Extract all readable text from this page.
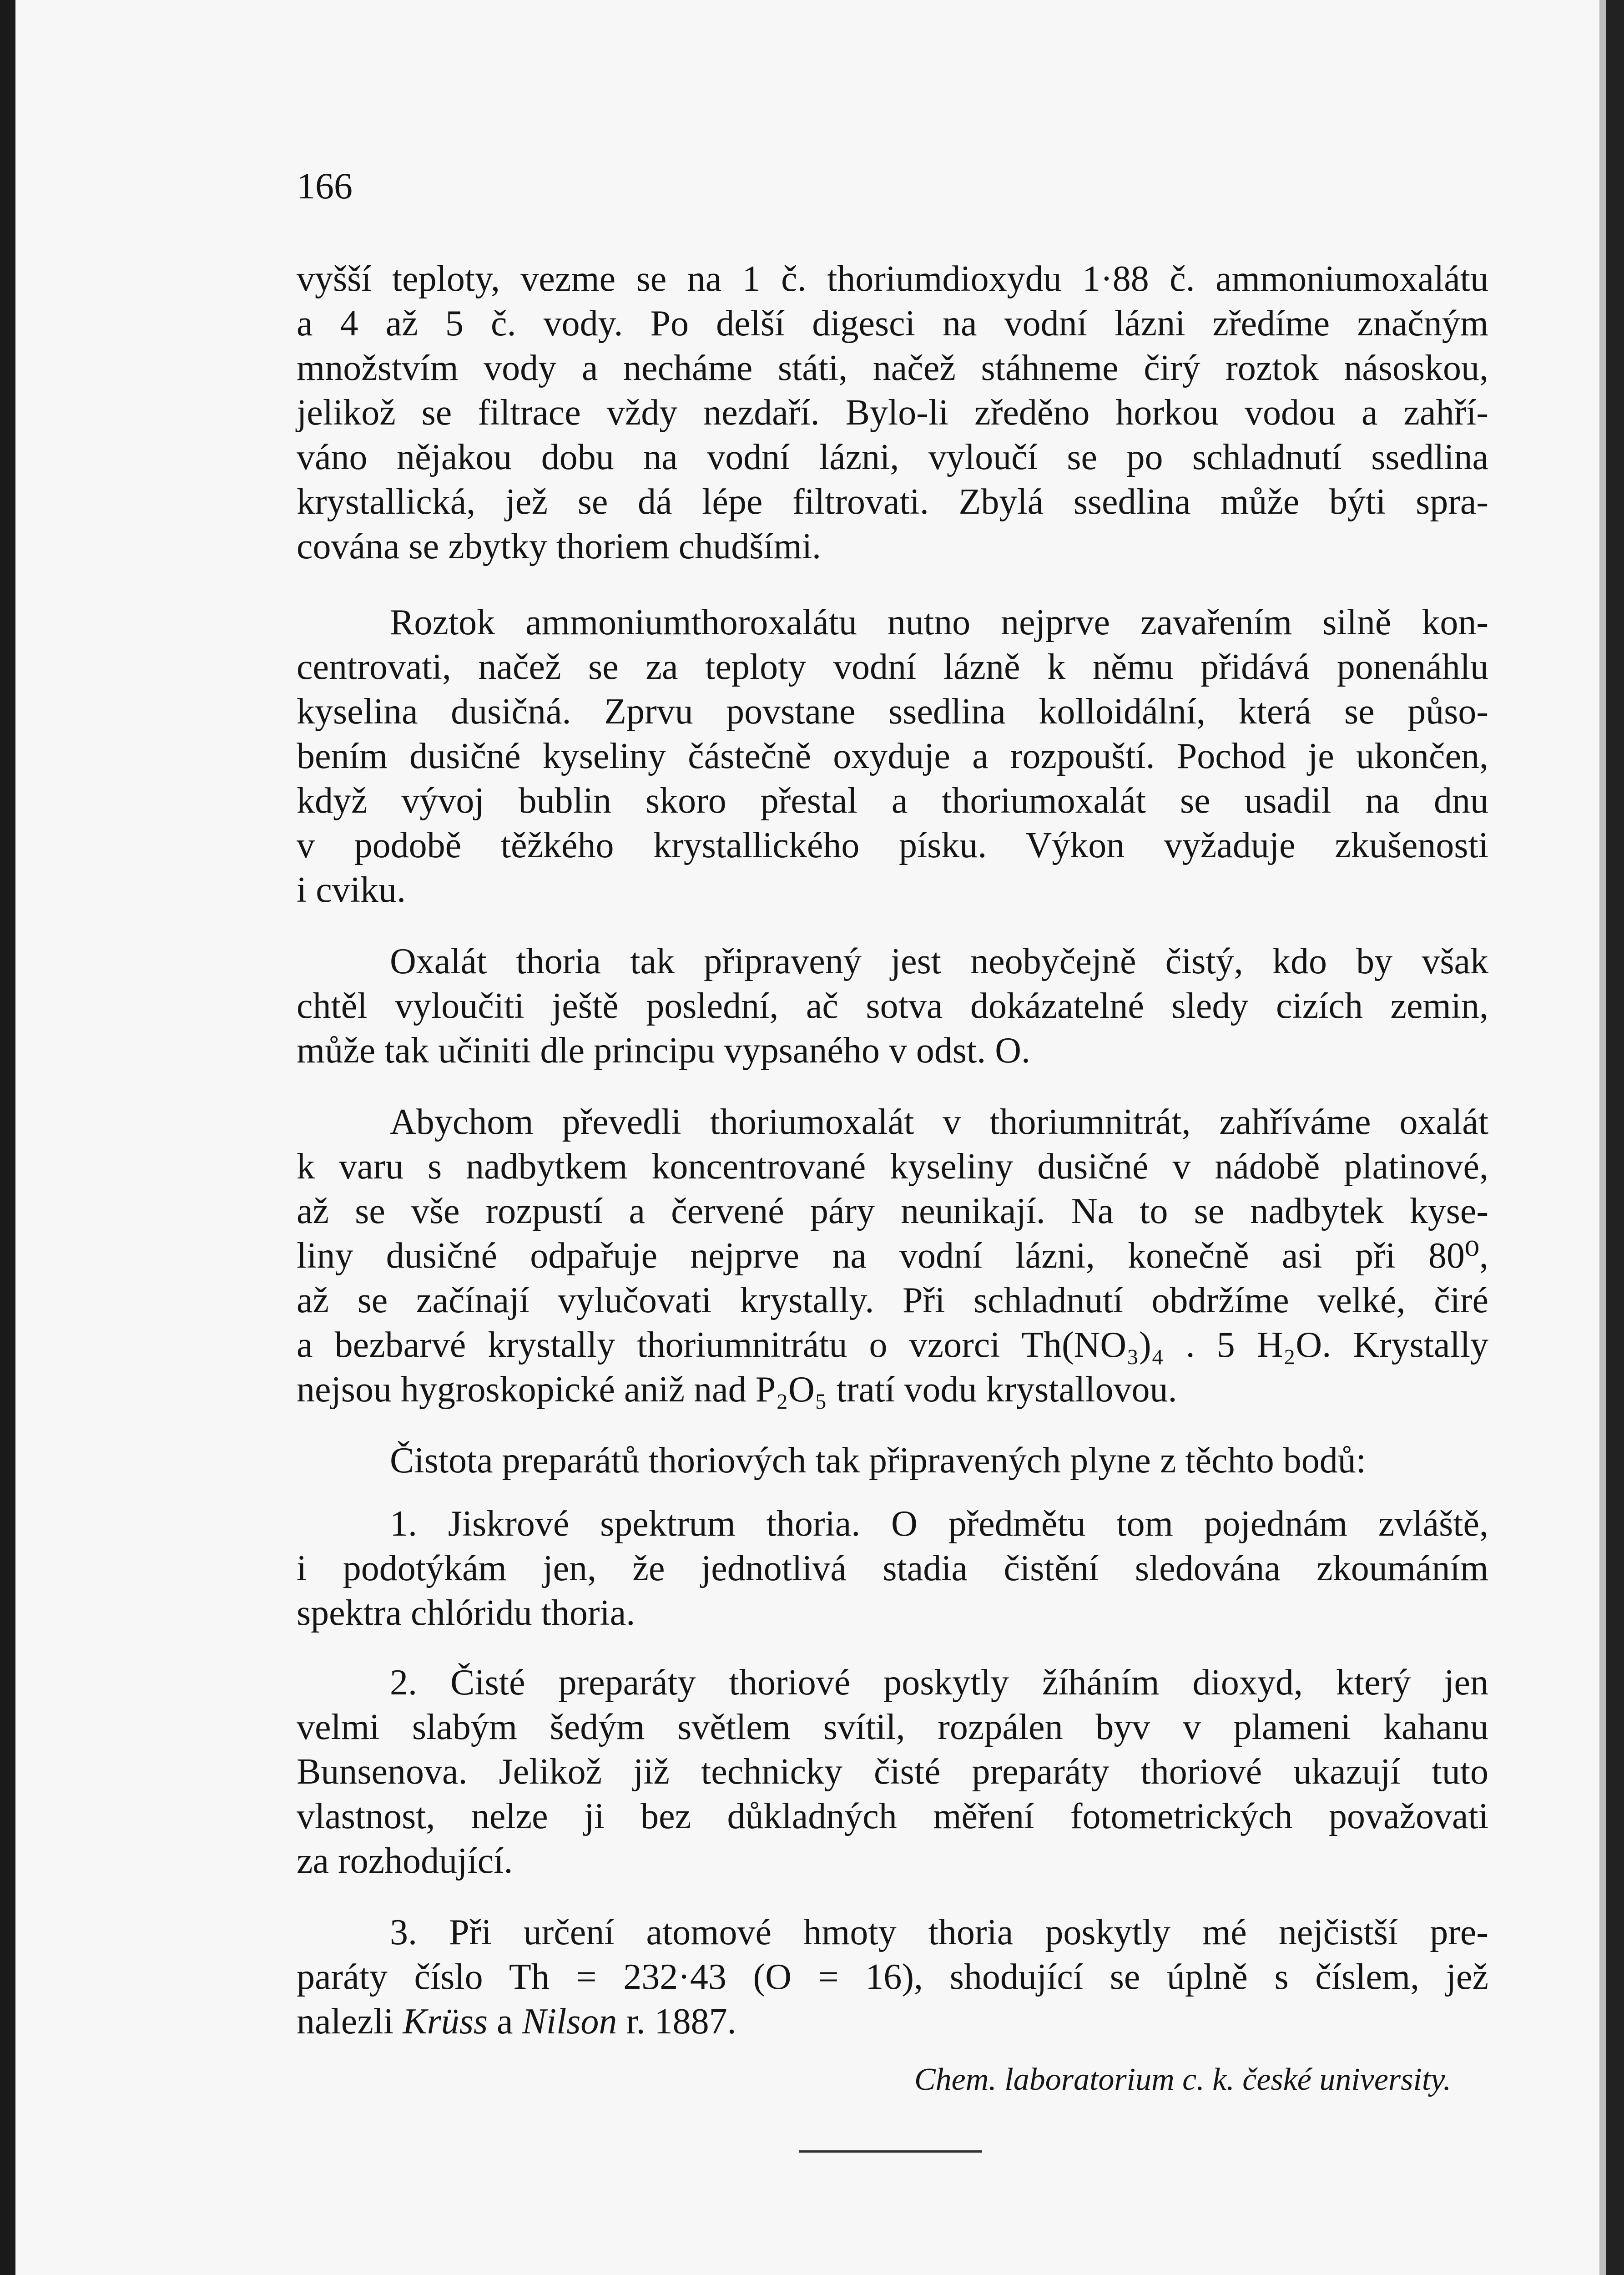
166
vyšší teploty, vezme se na 1 č. thoriumdioxydu 1·88 č. ammoniumoxalátu
a 4 až 5 č. vody. Po delší digesci na vodní lázni zředíme značným
množstvím vody a necháme státi, načež stáhneme čirý roztok násoskou,
jelikož se filtrace vždy nezdaří. Bylo-li zředěno horkou vodou a zahří-
váno nějakou dobu na vodní lázni, vyloučí se po schladnutí ssedlina
krystallická, jež se dá lépe filtrovati. Zbylá ssedlina může býti spra-
cována se zbytky thoriem chudšími.
Roztok ammoniumthoroxalátu nutno nejprve zavařením silně kon-
centrovati, načež se za teploty vodní lázně k němu přidává ponenáhlu
kyselina dusičná. Zprvu povstane ssedlina kolloidální, která se půso-
bením dusičné kyseliny částečně oxyduje a rozpouští. Pochod je ukončen,
když vývoj bublin skoro přestal a thoriumoxalát se usadil na dnu
v podobě těžkého krystallického písku. Výkon vyžaduje zkušenosti
i cviku.
Oxalát thoria tak připravený jest neobyčejně čistý, kdo by však
chtěl vyloučiti ještě poslední, ač sotva dokázatelné sledy cizích zemin,
může tak učiniti dle principu vypsaného v odst. O.
Abychom převedli thoriumoxalát v thoriumnitrát, zahříváme oxalát
k varu s nadbytkem koncentrované kyseliny dusičné v nádobě platinové,
až se vše rozpustí a červené páry neunikají. Na to se nadbytek kyse-
liny dusičné odpařuje nejprve na vodní lázni, konečně asi při 80⁰,
až se začínají vylučovati krystally. Při schladnutí obdržíme velké, čiré
a bezbarvé krystally thoriumnitrátu o vzorci Th(NO₃)₄ . 5 H₂O. Krystally
nejsou hygroskopické aniž nad P₂O₅ tratí vodu krystallovou.
Čistota preparátů thoriových tak připravených plyne z těchto bodů:
1. Jiskrové spektrum thoria. O předmětu tom pojednám zvláště,
i podotýkám jen, že jednotlivá stadia čistění sledována zkoumáním
spektra chlóridu thoria.
2. Čisté preparáty thoriové poskytly žíháním dioxyd, který jen
velmi slabým šedým světlem svítil, rozpálen byv v plameni kahanu
Bunsenova. Jelikož již technicky čisté preparáty thoriové ukazují tuto
vlastnost, nelze ji bez důkladných měření fotometrických považovati
za rozhodující.
3. Při určení atomové hmoty thoria poskytly mé nejčistší pre-
paráty číslo Th = 232·43 (O = 16), shodující se úplně s číslem, jež
nalezli Krüss a Nilson r. 1887.
Chem. laboratorium c. k. české university.
